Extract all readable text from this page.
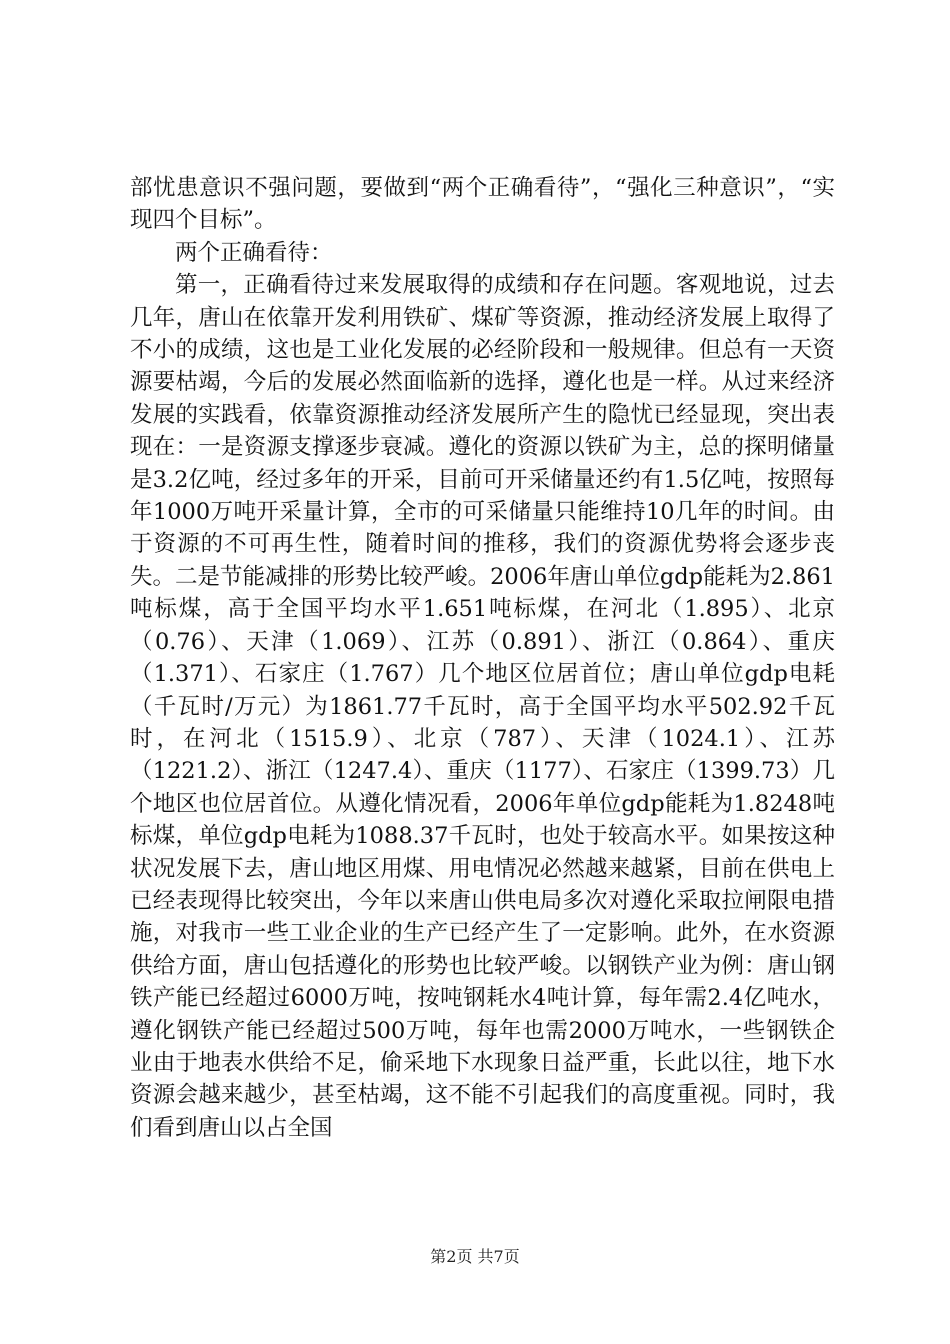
部忧患意识不强问题，要做到“两个正确看待”，“强化三种意识”，“实现四个目标”。

两个正确看待：

第一，正确看待过来发展取得的成绩和存在问题。客观地说，过去几年，唐山在依靠开发利用铁矿、煤矿等资源，推动经济发展上取得了不小的成绩，这也是工业化发展的必经阶段和一般规律。但总有一天资源要枯竭，今后的发展必然面临新的选择，遵化也是一样。从过来经济发展的实践看，依靠资源推动经济发展所产生的隐忧已经显现，突出表现在：一是资源支撑逐步衰减。遵化的资源以铁矿为主，总的探明储量是3.2亿吨，经过多年的开采，目前可开采储量还约有1.5亿吨，按照每年1000万吨开采量计算，全市的可采储量只能维持10几年的时间。由于资源的不可再生性，随着时间的推移，我们的资源优势将会逐步丧失。二是节能减排的形势比较严峻。2006年唐山单位gdp能耗为2.861吨标煤，高于全国平均水平1.651吨标煤，在河北（1.895）、北京（0.76）、天津（1.069）、江苏（0.891）、浙江（0.864）、重庆（1.371）、石家庄（1.767）几个地区位居首位；唐山单位gdp电耗（千瓦时/万元）为1861.77千瓦时，高于全国平均水平502.92千瓦时，在河北（1515.9）、北京（787）、天津（1024.1）、江苏（1221.2）、浙江（1247.4）、重庆（1177）、石家庄（1399.73）几个地区也位居首位。从遵化情况看，2006年单位gdp能耗为1.8248吨标煤，单位gdp电耗为1088.37千瓦时，也处于较高水平。如果按这种状况发展下去，唐山地区用煤、用电情况必然越来越紧，目前在供电上已经表现得比较突出，今年以来唐山供电局多次对遵化采取拉闸限电措施，对我市一些工业企业的生产已经产生了一定影响。此外，在水资源供给方面，唐山包括遵化的形势也比较严峻。以钢铁产业为例：唐山钢铁产能已经超过6000万吨，按吨钢耗水4吨计算，每年需2.4亿吨水，遵化钢铁产能已经超过500万吨，每年也需2000万吨水，一些钢铁企业由于地表水供给不足，偷采地下水现象日益严重，长此以往，地下水资源会越来越少，甚至枯竭，这不能不引起我们的高度重视。同时，我们看到唐山以占全国

第2页 共7页
